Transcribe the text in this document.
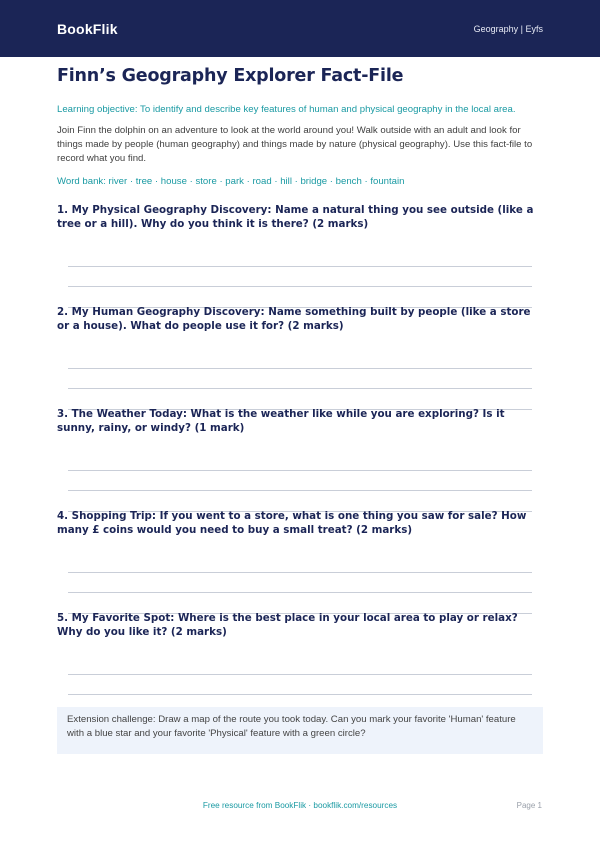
BookFlik	Geography | Eyfs
Finn’s Geography Explorer Fact-File

Learning objective: To identify and describe key features of human and physical geography in the local area.

Join Finn the dolphin on an adventure to look at the world around you! Walk outside with an adult and look for things made by people (human geography) and things made by nature (physical geography). Use this fact-file to record what you find.

Word bank: river · tree · house · store · park · road · hill · bridge · bench · fountain

1. My Physical Geography Discovery: Name a natural thing you see outside (like a tree or a hill). Why do you think it is there? (2 marks)
2. My Human Geography Discovery: Name something built by people (like a store or a house). What do people use it for? (2 marks)
3. The Weather Today: What is the weather like while you are exploring? Is it sunny, rainy, or windy? (1 mark)
4. Shopping Trip: If you went to a store, what is one thing you saw for sale? How many £ coins would you need to buy a small treat? (2 marks)
5. My Favorite Spot: Where is the best place in your local area to play or relax? Why do you like it? (2 marks)
Extension challenge: Draw a map of the route you took today. Can you mark your favorite 'Human' feature with a blue star and your favorite 'Physical' feature with a green circle?
Free resource from BookFlik · bookflik.com/resources	Page 1
